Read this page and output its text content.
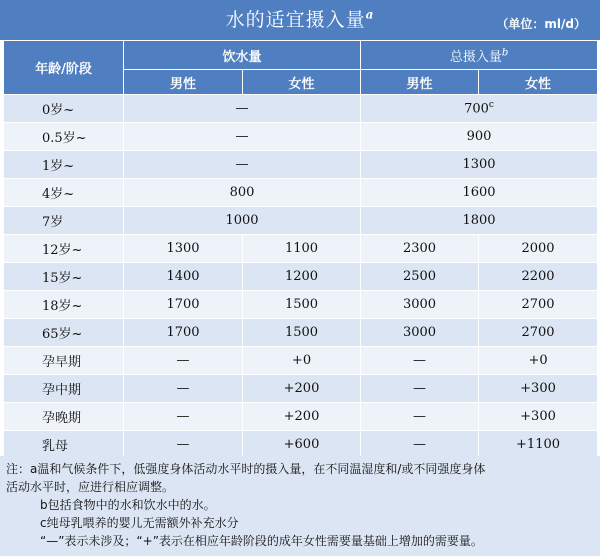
水的适宜摄入量$^a$
（单位：ml/d）
年龄/阶段	饮水量		总摄入量$^b$
	男性	女性	男性	女性
0岁~	—		700$^c$
0.5岁~	—		900	
1岁~	—		1300	
4岁~	800		1600	
7岁	1000		1800	
12岁~	1300	1100	2300	2000
15岁~	1400	1200	2500	2200
18岁~	1700	1500	3000	2700
65岁~	1700	1500	3000	2700
孕早期	—	+0	—	+0
孕中期	—	+200	—	+300
孕晚期	—	+200	—	+300
乳母	—	+600	—	+1100

注：a温和气候条件下，低强度身体活动水平时的摄入量，在不同温湿度和/或不同强度身体

活动水平时，应进行相应调整。

b包括食物中的水和饮水中的水。

c纯母乳喂养的婴儿无需额外补充水分

“—”表示未涉及；“+”表示在相应年龄阶段的成年女性需要量基础上增加的需要量。
